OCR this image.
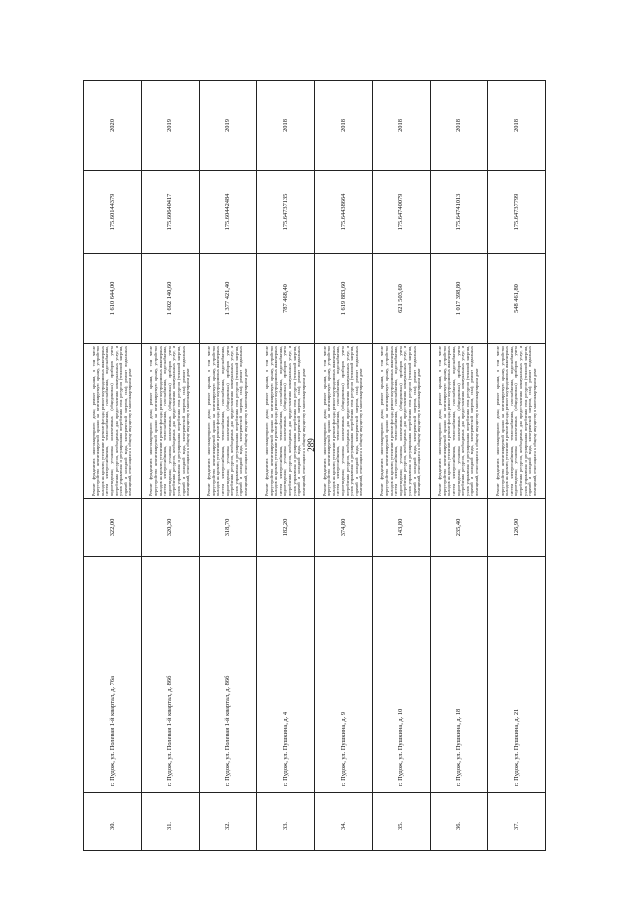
289
30.	г. Пудож, ул. Полевая 1-й квартал, д. 76а	322,00	Ремонт фундамента многоквартирного дома; ремонт крыши, в том числе переустройство невентилируемой крыши на вентилируемую крышу, устройство выходов на кровлю; утепление и ремонт фасада; ремонт внутридомовых инженерных систем электроснабжения, теплоснабжения, газоснабжения, водоснабжения, водоотведения; установка коллективных (общедомовых) приборов учета потребления ресурсов, необходимых для предоставления коммунальных услуг, и узлов управления и регулирования потребления этих ресурсов (тепловой энергии, горячей и холодной воды, электрической энергии, газа); ремонт подвальных помещений, относящихся к общему имуществу в многоквартирном доме	1 610 644,00	175.60144379	2020
31.	г. Пудож, ул. Полевая 1-й квартал, д. 86б	320,30	Ремонт фундамента многоквартирного дома; ремонт крыши, в том числе переустройство невентилируемой крыши на вентилируемую крышу, устройство выходов на кровлю; утепление и ремонт фасада; ремонт внутридомовых инженерных систем электроснабжения, теплоснабжения, газоснабжения, водоснабжения, водоотведения; установка коллективных (общедомовых) приборов учета потребления ресурсов, необходимых для предоставления коммунальных услуг, и узлов управления и регулирования потребления этих ресурсов (тепловой энергии, горячей и холодной воды, электрической энергии, газа); ремонт подвальных помещений, относящихся к общему имуществу в многоквартирном доме	1 602 140,60	175.60640417	2019
32.	г. Пудож, ул. Полевая 1-й квартал, д. 86б	318,70	Ремонт фундамента многоквартирного дома; ремонт крыши, в том числе переустройство невентилируемой крыши на вентилируемую крышу, устройство выходов на кровлю; утепление и ремонт фасада; ремонт внутридомовых инженерных систем электроснабжения, теплоснабжения, газоснабжения, водоснабжения, водоотведения; установка коллективных (общедомовых) приборов учета потребления ресурсов, необходимых для предоставления коммунальных услуг, и узлов управления и регулирования потребления этих ресурсов (тепловой энергии, горячей и холодной воды, электрической энергии, газа); ремонт подвальных помещений, относящихся к общему имуществу в многоквартирном доме	1 377 421,40	175.60442484	2019
33.	г. Пудож, ул. Пушкина, д. 4	182,20	Ремонт фундамента многоквартирного дома; ремонт крыши, в том числе переустройство невентилируемой крыши на вентилируемую крышу, устройство выходов на кровлю; утепление и ремонт фасада; ремонт внутридомовых инженерных систем электроснабжения, теплоснабжения, газоснабжения, водоснабжения, водоотведения; установка коллективных (общедомовых) приборов учета потребления ресурсов, необходимых для предоставления коммунальных услуг, и узлов управления и регулирования потребления этих ресурсов (тепловой энергии, горячей и холодной воды, электрической энергии, газа); ремонт подвальных помещений, относящихся к общему имуществу в многоквартирном доме	787 468,40	175.64737135	2018
34.	г. Пудож, ул. Пушкина, д. 9	374,80	Ремонт фундамента многоквартирного дома; ремонт крыши, в том числе переустройство невентилируемой крыши на вентилируемую крышу, устройство выходов на кровлю; утепление и ремонт фасада; ремонт внутридомовых инженерных систем электроснабжения, теплоснабжения, газоснабжения, водоснабжения, водоотведения; установка коллективных (общедомовых) приборов учета потребления ресурсов, необходимых для предоставления коммунальных услуг, и узлов управления и регулирования потребления этих ресурсов (тепловой энергии, горячей и холодной воды, электрической энергии, газа); ремонт подвальных помещений, относящихся к общему имуществу в многоквартирном доме	1 619 883,60	175.64438664	2018
35.	г. Пудож, ул. Пушкина, д. 10	143,80	Ремонт фундамента многоквартирного дома; ремонт крыши, в том числе переустройство невентилируемой крыши на вентилируемую крышу, устройство выходов на кровлю; утепление и ремонт фасада; ремонт внутридомовых инженерных систем электроснабжения, теплоснабжения, газоснабжения, водоснабжения, водоотведения; установка коллективных (общедомовых) приборов учета потребления ресурсов, необходимых для предоставления коммунальных услуг, и узлов управления и регулирования потребления этих ресурсов (тепловой энергии, горячей и холодной воды, электрической энергии, газа); ремонт подвальных помещений, относящихся к общему имуществу в многоквартирном доме	621 503,60	175.64740079	2018
36.	г. Пудож, ул. Пушкина, д. 18	235,40	Ремонт фундамента многоквартирного дома; ремонт крыши, в том числе переустройство невентилируемой крыши на вентилируемую крышу, устройство выходов на кровлю; утепление и ремонт фасада; ремонт внутридомовых инженерных систем электроснабжения, теплоснабжения, газоснабжения, водоснабжения, водоотведения; установка коллективных (общедомовых) приборов учета потребления ресурсов, необходимых для предоставления коммунальных услуг, и узлов управления и регулирования потребления этих ресурсов (тепловой энергии, горячей и холодной воды, электрической энергии, газа); ремонт подвальных помещений, относящихся к общему имуществу в многоквартирном доме	1 017 398,80	175.64741013	2018
37.	г. Пудож, ул. Пушкина, д. 21	126,90	Ремонт фундамента многоквартирного дома; ремонт крыши, в том числе переустройство невентилируемой крыши на вентилируемую крышу, устройство выходов на кровлю; утепление и ремонт фасада; ремонт внутридомовых инженерных систем электроснабжения, теплоснабжения, газоснабжения, водоснабжения, водоотведения; установка коллективных (общедомовых) приборов учета потребления ресурсов, необходимых для предоставления коммунальных услуг, и узлов управления и регулирования потребления этих ресурсов (тепловой энергии, горячей и холодной воды, электрической энергии, газа); ремонт подвальных помещений, относящихся к общему имуществу в многоквартирном доме	548 461,80	175.64737799	2018
